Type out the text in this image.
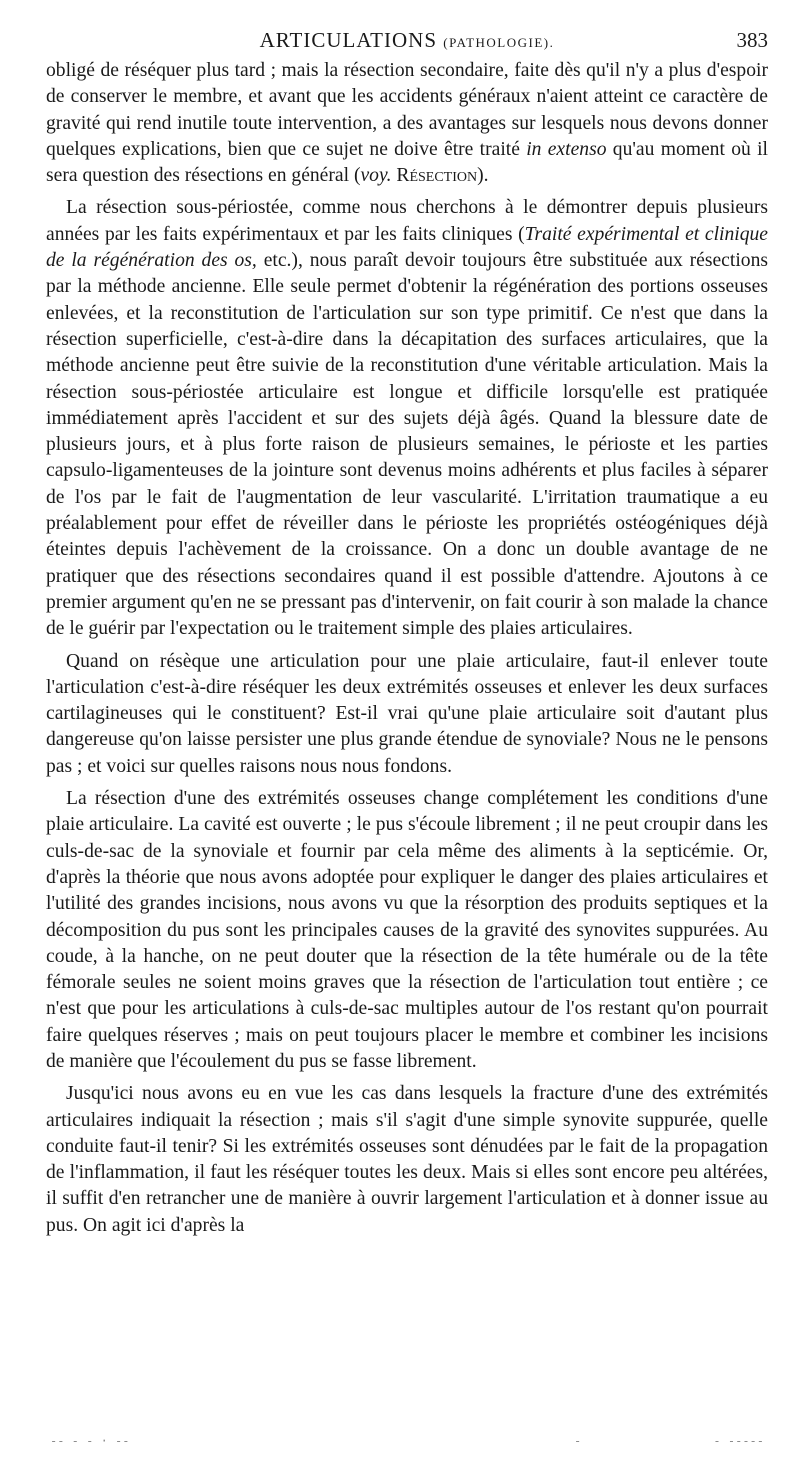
ARTICULATIONS (PATHOLOGIE).	383

obligé de réséquer plus tard ; mais la résection secondaire, faite dès qu'il n'y a plus d'espoir de conserver le membre, et avant que les accidents généraux n'aient atteint ce caractère de gravité qui rend inutile toute intervention, a des avantages sur lesquels nous devons donner quelques explications, bien que ce sujet ne doive être traité in extenso qu'au moment où il sera question des résections en général (voy. Résection).

La résection sous-périostée, comme nous cherchons à le démontrer depuis plusieurs années par les faits expérimentaux et par les faits cliniques (Traité expérimental et clinique de la régénération des os, etc.), nous paraît devoir toujours être substituée aux résections par la méthode ancienne. Elle seule permet d'obtenir la régénération des portions osseuses enlevées, et la reconstitution de l'articulation sur son type primitif. Ce n'est que dans la résection superficielle, c'est-à-dire dans la décapitation des surfaces articulaires, que la méthode ancienne peut être suivie de la reconstitution d'une véritable articulation. Mais la résection sous-périostée articulaire est longue et difficile lorsqu'elle est pratiquée immédiatement après l'accident et sur des sujets déjà âgés. Quand la blessure date de plusieurs jours, et à plus forte raison de plusieurs semaines, le périoste et les parties capsulo-ligamenteuses de la jointure sont devenus moins adhérents et plus faciles à séparer de l'os par le fait de l'augmentation de leur vascularité. L'irritation traumatique a eu préalablement pour effet de réveiller dans le périoste les propriétés ostéogéniques déjà éteintes depuis l'achèvement de la croissance. On a donc un double avantage de ne pratiquer que des résections secondaires quand il est possible d'attendre. Ajoutons à ce premier argument qu'en ne se pressant pas d'intervenir, on fait courir à son malade la chance de le guérir par l'expectation ou le traitement simple des plaies articulaires.

Quand on résèque une articulation pour une plaie articulaire, faut-il enlever toute l'articulation c'est-à-dire réséquer les deux extrémités osseuses et enlever les deux surfaces cartilagineuses qui le constituent? Est-il vrai qu'une plaie articulaire soit d'autant plus dangereuse qu'on laisse persister une plus grande étendue de synoviale? Nous ne le pensons pas ; et voici sur quelles raisons nous nous fondons.

La résection d'une des extrémités osseuses change complétement les conditions d'une plaie articulaire. La cavité est ouverte ; le pus s'écoule librement ; il ne peut croupir dans les culs-de-sac de la synoviale et fournir par cela même des aliments à la septicémie. Or, d'après la théorie que nous avons adoptée pour expliquer le danger des plaies articulaires et l'utilité des grandes incisions, nous avons vu que la résorption des produits septiques et la décomposition du pus sont les principales causes de la gravité des synovites suppurées. Au coude, à la hanche, on ne peut douter que la résection de la tête humérale ou de la tête fémorale seules ne soient moins graves que la résection de l'articulation tout entière ; ce n'est que pour les articulations à culs-de-sac multiples autour de l'os restant qu'on pourrait faire quelques réserves ; mais on peut toujours placer le membre et combiner les incisions de manière que l'écoulement du pus se fasse librement.

Jusqu'ici nous avons eu en vue les cas dans lesquels la fracture d'une des extrémités articulaires indiquait la résection ; mais s'il s'agit d'une simple synovite suppurée, quelle conduite faut-il tenir? Si les extrémités osseuses sont dénudées par le fait de la propagation de l'inflammation, il faut les réséquer toutes les deux. Mais si elles sont encore peu altérées, il suffit d'en retrancher une de manière à ouvrir largement l'articulation et à donner issue au pus. On agit ici d'après la

-- - - · --	-	- -----
